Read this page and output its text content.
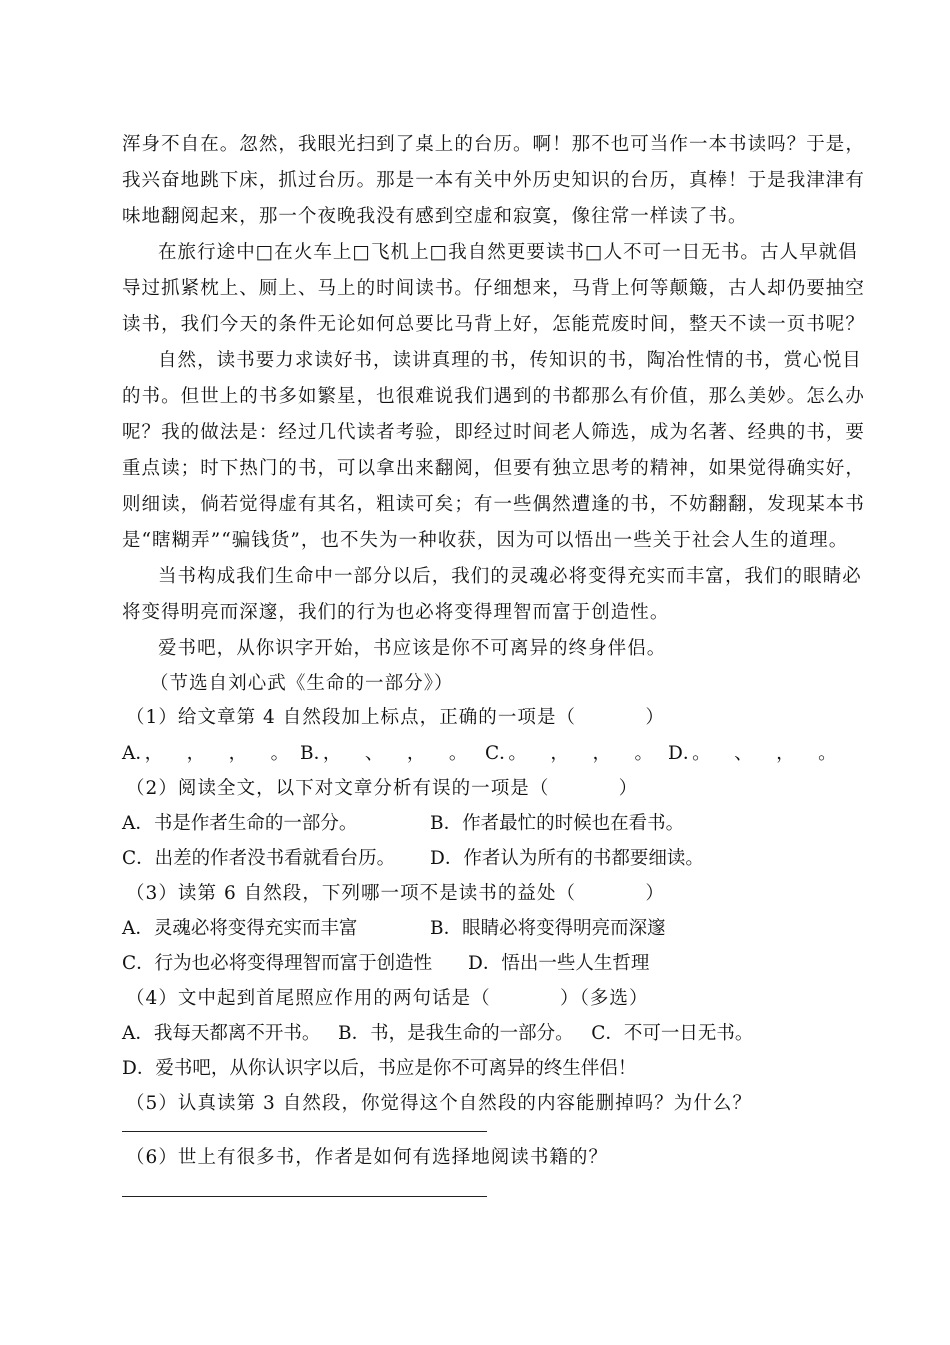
浑身不自在。忽然，我眼光扫到了桌上的台历。啊！那不也可当作一本书读吗？于是，
我兴奋地跳下床，抓过台历。那是一本有关中外历史知识的台历，真棒！于是我津津有
味地翻阅起来，那一个夜晚我没有感到空虚和寂寞，像往常一样读了书。
在旅行途中□在火车上□飞机上□我自然更要读书□人不可一日无书。古人早就倡
导过抓紧枕上、厕上、马上的时间读书。仔细想来，马背上何等颠簸，古人却仍要抽空
读书，我们今天的条件无论如何总要比马背上好，怎能荒废时间，整天不读一页书呢？
自然，读书要力求读好书，读讲真理的书，传知识的书，陶冶性情的书，赏心悦目
的书。但世上的书多如繁星，也很难说我们遇到的书都那么有价值，那么美妙。怎么办
呢？我的做法是：经过几代读者考验，即经过时间老人筛选，成为名著、经典的书，要
重点读；时下热门的书，可以拿出来翻阅，但要有独立思考的精神，如果觉得确实好，
则细读，倘若觉得虚有其名，粗读可矣；有一些偶然遭逢的书，不妨翻翻，发现某本书
是“瞎糊弄”“骗钱货”，也不失为一种收获，因为可以悟出一些关于社会人生的道理。
当书构成我们生命中一部分以后，我们的灵魂必将变得充实而丰富，我们的眼睛必
将变得明亮而深邃，我们的行为也必将变得理智而富于创造性。
爱书吧，从你识字开始，书应该是你不可离异的终身伴侣。
（节选自刘心武《生命的一部分》）
（1）给文章第 4 自然段加上标点，正确的一项是（          ）
A．，    ，    ，    。 B．，    、    ，    。 C．。    ，    ，    。 D．。    、    ，    。
（2）阅读全文，以下对文章分析有误的一项是（          ）
A．书是作者生命的一部分。	B．作者最忙的时候也在看书。
C．出差的作者没书看就看台历。 D．作者认为所有的书都要细读。
（3）读第 6 自然段，下列哪一项不是读书的益处（          ）
A．灵魂必将变得充实而丰富	B．眼睛必将变得明亮而深邃
C．行为也必将变得理智而富于创造性 D．悟出一些人生哲理
（4）文中起到首尾照应作用的两句话是（          ）（多选）
A．我每天都离不开书。   B．书，是我生命的一部分。   C．不可一日无书。
D．爱书吧，从你认识字以后，书应是你不可离异的终生伴侣！
（5）认真读第 3 自然段，你觉得这个自然段的内容能删掉吗？为什么？
（6）世上有很多书，作者是如何有选择地阅读书籍的？
